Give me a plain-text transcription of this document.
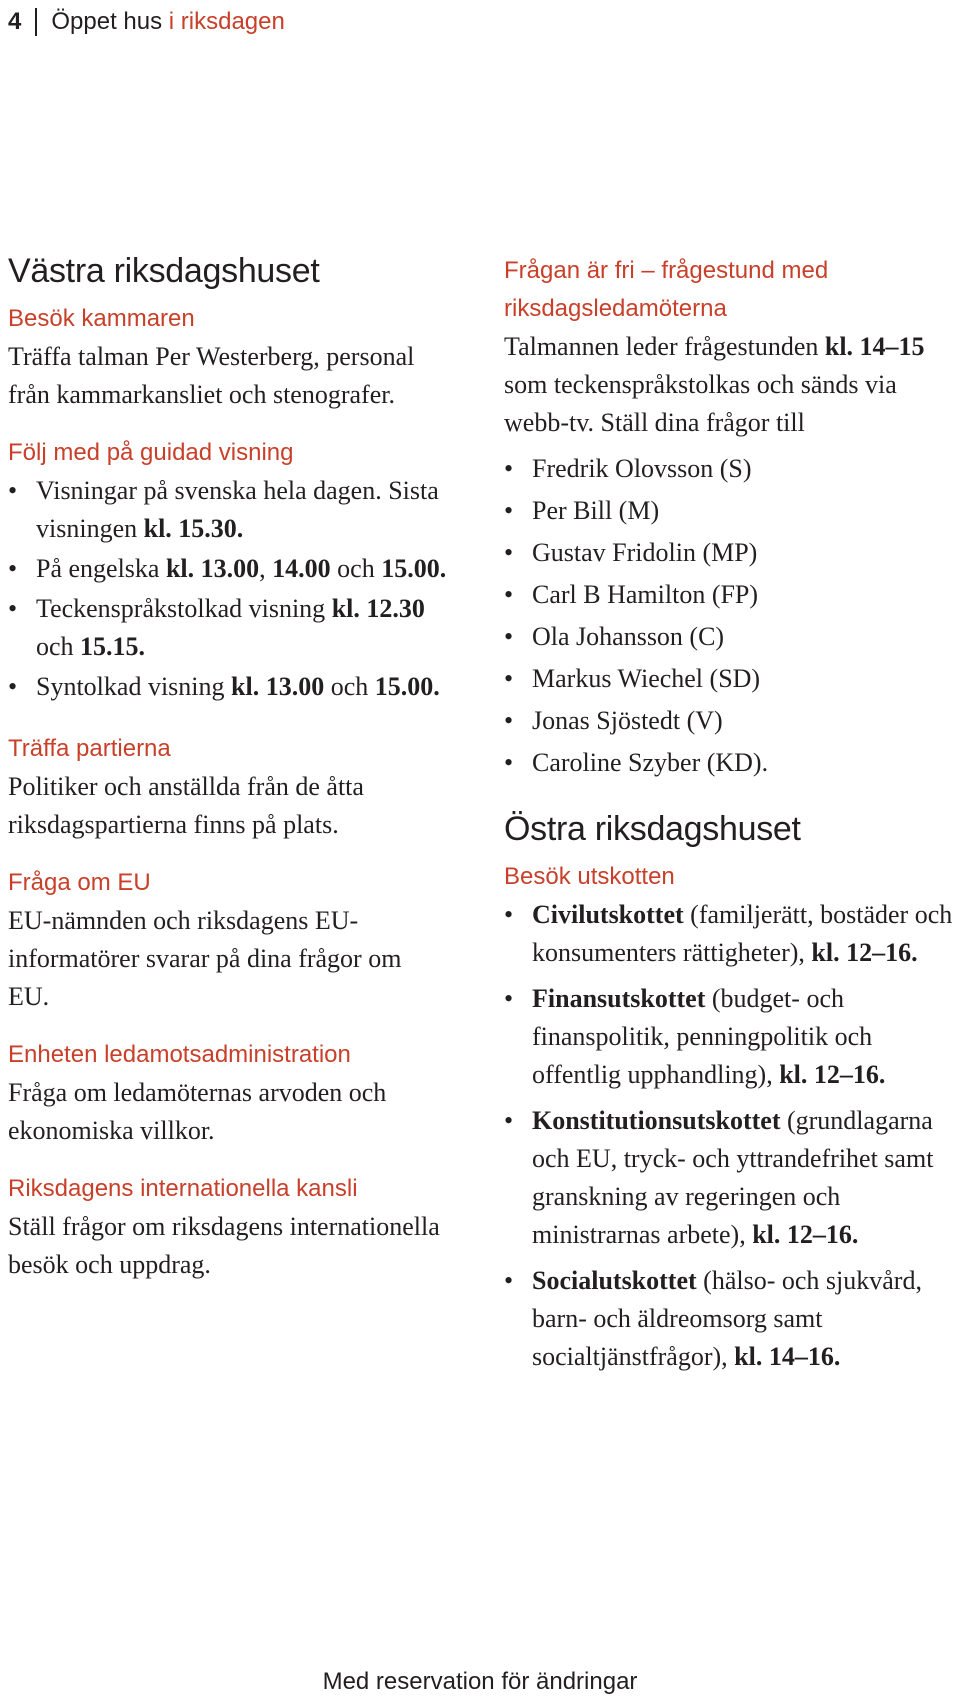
4 Öppet hus i riksdagen
Västra riksdagshuset
Besök kammaren

Träffa talman Per Westerberg, personal från kammarkansliet och stenografer.

Följ med på guidad visning
• Visningar på svenska hela dagen. Sista visningen kl. 15.30.
• På engelska kl. 13.00, 14.00 och 15.00.
• Teckenspråkstolkad visning kl. 12.30 och 15.15.
• Syntolkad visning kl. 13.00 och 15.00.
Träffa partierna

Politiker och anställda från de åtta riksdagspartierna finns på plats.

Fråga om EU

EU-nämnden och riksdagens EU-informatörer svarar på dina frågor om EU.

Enheten ledamotsadministration

Fråga om ledamöternas arvoden och ekonomiska villkor.

Riksdagens internationella kansli

Ställ frågor om riksdagens internationella besök och uppdrag.

Frågan är fri – frågestund med riksdagsledamöterna

Talmannen leder frågestunden kl. 14–15 som teckenspråkstolkas och sänds via webb-tv. Ställ dina frågor till

• Fredrik Olovsson (S)
• Per Bill (M)
• Gustav Fridolin (MP)
• Carl B Hamilton (FP)
• Ola Johansson (C)
• Markus Wiechel (SD)
• Jonas Sjöstedt (V)
• Caroline Szyber (KD).
Östra riksdagshuset
Besök utskotten
• Civilutskottet (familjerätt, bostäder och konsumenters rättigheter), kl. 12–16.
• Finansutskottet (budget- och finanspolitik, penningpolitik och offentlig upphandling), kl. 12–16.
• Konstitutionsutskottet (grundlagarna och EU, tryck- och yttrandefrihet samt granskning av regeringen och ministrarnas arbete), kl. 12–16.
• Socialutskottet (hälso- och sjukvård, barn- och äldreomsorg samt socialtjänstfrågor), kl. 14–16.
Med reservation för ändringar
